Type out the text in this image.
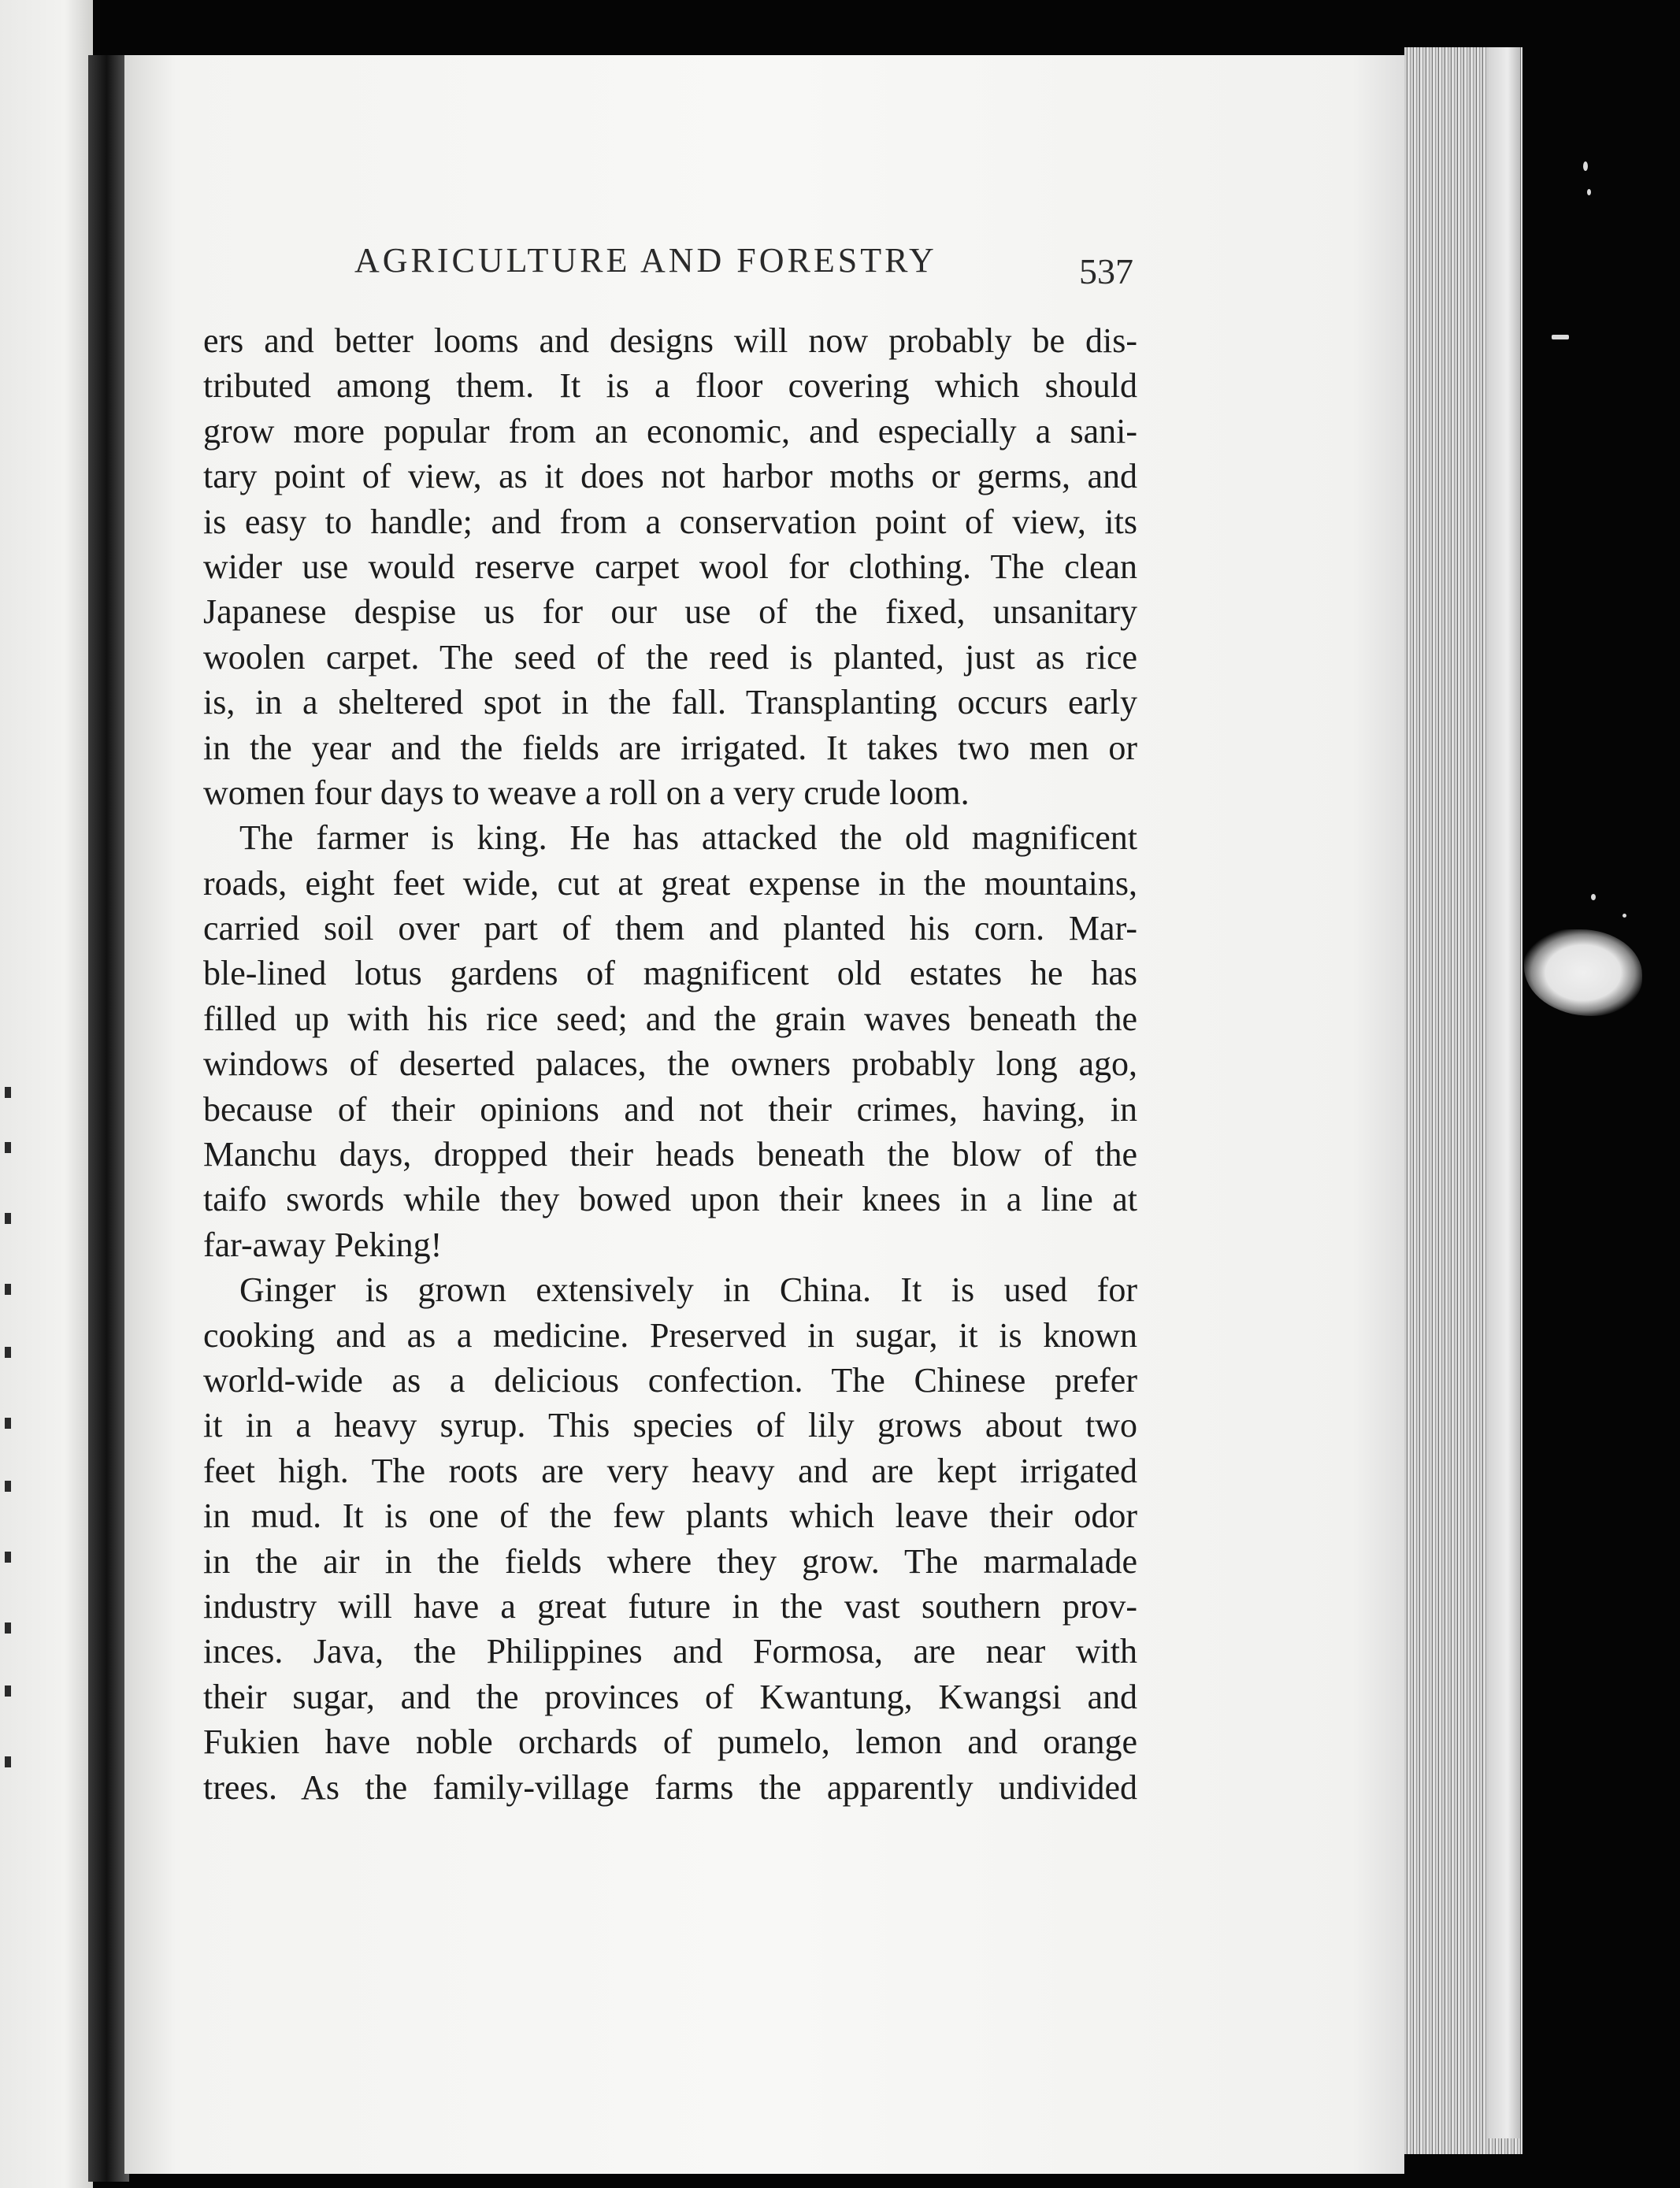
AGRICULTURE AND FORESTRY	537
ers and better looms and designs will now probably be dis-
tributed among them. It is a floor covering which should
grow more popular from an economic, and especially a sani-
tary point of view, as it does not harbor moths or germs, and
is easy to handle; and from a conservation point of view, its
wider use would reserve carpet wool for clothing. The clean
Japanese despise us for our use of the fixed, unsanitary
woolen carpet. The seed of the reed is planted, just as rice
is, in a sheltered spot in the fall. Transplanting occurs early
in the year and the fields are irrigated. It takes two men or
women four days to weave a roll on a very crude loom.
The farmer is king. He has attacked the old magnificent
roads, eight feet wide, cut at great expense in the mountains,
carried soil over part of them and planted his corn. Mar-
ble-lined lotus gardens of magnificent old estates he has
filled up with his rice seed; and the grain waves beneath the
windows of deserted palaces, the owners probably long ago,
because of their opinions and not their crimes, having, in
Manchu days, dropped their heads beneath the blow of the
taifo swords while they bowed upon their knees in a line at
far-away Peking!
Ginger is grown extensively in China. It is used for
cooking and as a medicine. Preserved in sugar, it is known
world-wide as a delicious confection. The Chinese prefer
it in a heavy syrup. This species of lily grows about two
feet high. The roots are very heavy and are kept irrigated
in mud. It is one of the few plants which leave their odor
in the air in the fields where they grow. The marmalade
industry will have a great future in the vast southern prov-
inces. Java, the Philippines and Formosa, are near with
their sugar, and the provinces of Kwantung, Kwangsi and
Fukien have noble orchards of pumelo, lemon and orange
trees. As the family-village farms the apparently undivided
